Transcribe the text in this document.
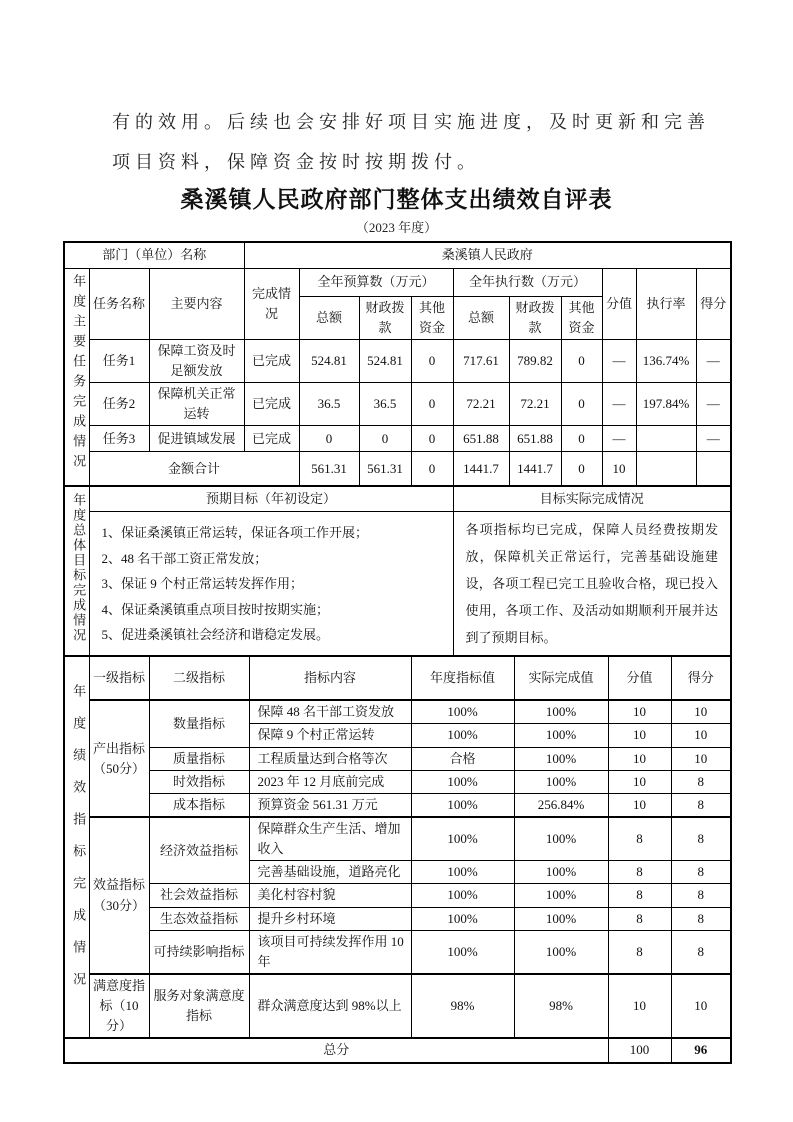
有的效用。后续也会安排好项目实施进度，及时更新和完善
项目资料，保障资金按时按期拨付。
桑溪镇人民政府部门整体支出绩效自评表
（2023 年度）
部门（单位）名称			桑溪镇人民政府									
年度主要任务完成情况	任务名称	主要内容	完成情况	全年预算数（万元）			全年执行数（万元）			分值	执行率	得分
				总额	财政拨款	其他资金	总额	财政拨款	其他资金			
	任务1	保障工资及时足额发放	已完成	524.81	524.81	0	717.61	789.82	0	—	136.74%	—
	任务2	保障机关正常运转	已完成	36.5	36.5	0	72.21	72.21	0	—	197.84%	—
	任务3	促进镇域发展	已完成	0	0	0	651.88	651.88	0	—		—
	金额合计			561.31	561.31	0	1441.7	1441.7	0	10		
年度总体目标完成情况	预期目标（年初设定）	目标实际完成情况

	1、保证桑溪镇正常运转，保证各项工作开展；
2、48 名干部工资正常发放；
3、保证 9 个村正常运转发挥作用；
4、保证桑溪镇重点项目按时按期实施；
5、促进桑溪镇社会经济和谐稳定发展。	各项指标均已完成，保障人员经费按期发放，保障机关正常运行，完善基础设施建设，各项工程已完工且验收合格，现已投入使用，各项工作、及活动如期顺利开展并达到了预期目标。
年度绩效指标完成情况	一级指标	二级指标	指标内容	年度指标值	实际完成值	分值	得分
	产出指标（50分）	数量指标	保障 48 名干部工资发放	100%	100%	10	10
			保障 9 个村正常运转	100%	100%	10	10
		质量指标	工程质量达到合格等次	合格	100%	10	10
		时效指标	2023 年 12 月底前完成	100%	100%	10	8
		成本指标	预算资金 561.31 万元	100%	256.84%	10	8
	效益指标（30分）	经济效益指标	保障群众生产生活、增加收入	100%	100%	8	8
			完善基础设施，道路亮化	100%	100%	8	8
		社会效益指标	美化村容村貌	100%	100%	8	8
		生态效益指标	提升乡村环境	100%	100%	8	8
		可持续影响指标	该项目可持续发挥作用 10 年	100%	100%	8	8
	满意度指标（10分）	服务对象满意度指标	群众满意度达到 98%以上	98%	98%	10	10
总分						100	96
